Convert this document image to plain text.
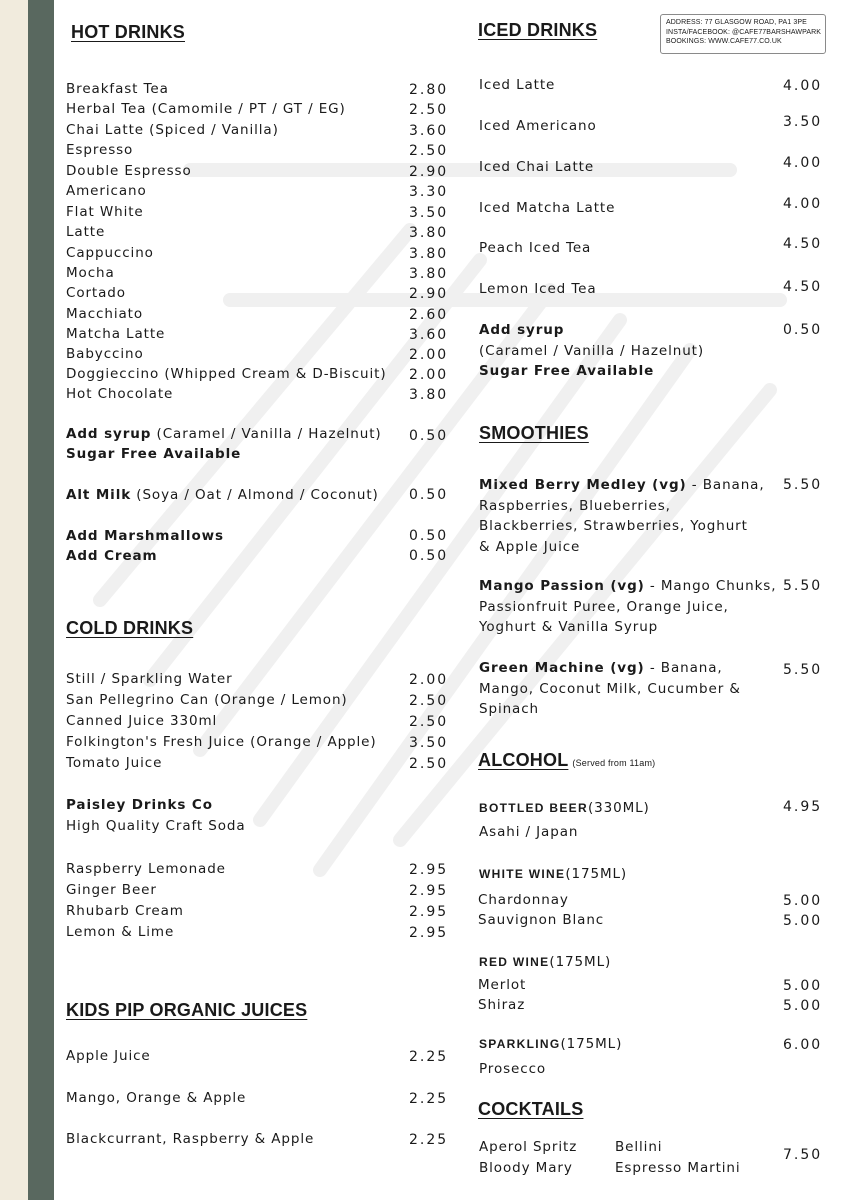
ADDRESS: 77 GLASGOW ROAD, PA1 3PE
INSTA/FACEBOOK: @CAFE77BARSHAWPARK
BOOKINGS: WWW.CAFE77.CO.UK
HOT DRINKS
Breakfast Tea	2.80
Herbal Tea (Camomile / PT / GT / EG)	2.50
Chai Latte (Spiced / Vanilla)	3.60
Espresso	2.50
Double Espresso	2.90
Americano	3.30
Flat White	3.50
Latte	3.80
Cappuccino	3.80
Mocha	3.80
Cortado	2.90
Macchiato	2.60
Matcha Latte	3.60
Babyccino	2.00
Doggieccino (Whipped Cream & D-Biscuit) 2.00
Hot Chocolate	3.80
Add syrup (Caramel / Vanilla / Hazelnut) 0.50
Sugar Free Available
Alt Milk (Soya / Oat / Almond / Coconut) 0.50
Add Marshmallows	0.50
Add Cream	0.50
COLD DRINKS
Still / Sparkling Water	2.00
San Pellegrino Can (Orange / Lemon)	2.50
Canned Juice 330ml	2.50
Folkington's Fresh Juice (Orange / Apple) 3.50
Tomato Juice	2.50
Paisley Drinks Co
High Quality Craft Soda
Raspberry Lemonade	2.95
Ginger Beer	2.95
Rhubarb Cream	2.95
Lemon & Lime	2.95
KIDS PIP ORGANIC JUICES
Apple Juice	2.25
Mango, Orange & Apple	2.25
Blackcurrant, Raspberry & Apple	2.25
ICED DRINKS
Iced Latte	4.00
Iced Americano	3.50
Iced Chai Latte	4.00
Iced Matcha Latte	4.00
Peach Iced Tea	4.50
Lemon Iced Tea	4.50
Add syrup	0.50
(Caramel / Vanilla / Hazelnut)
Sugar Free Available
SMOOTHIES
Mixed Berry Medley (vg) - Banana,
Raspberries, Blueberries,
Blackberries, Strawberries, Yoghurt
& Apple Juice
5.50
Mango Passion (vg) - Mango Chunks,
Passionfruit Puree, Orange Juice,
Yoghurt & Vanilla Syrup
5.50
Green Machine (vg) - Banana,
Mango, Coconut Milk, Cucumber &
Spinach
5.50
ALCOHOL (Served from 11am)
BOTTLED BEER(330ML)	4.95
Asahi / Japan
WHITE WINE(175ML)
Chardonnay	5.00
Sauvignon Blanc	5.00
RED WINE(175ML)
Merlot	5.00
Shiraz	5.00
SPARKLING(175ML)	6.00
Prosecco
COCKTAILS
Aperol Spritz	Bellini
Bloody Mary	Espresso Martini
7.50
